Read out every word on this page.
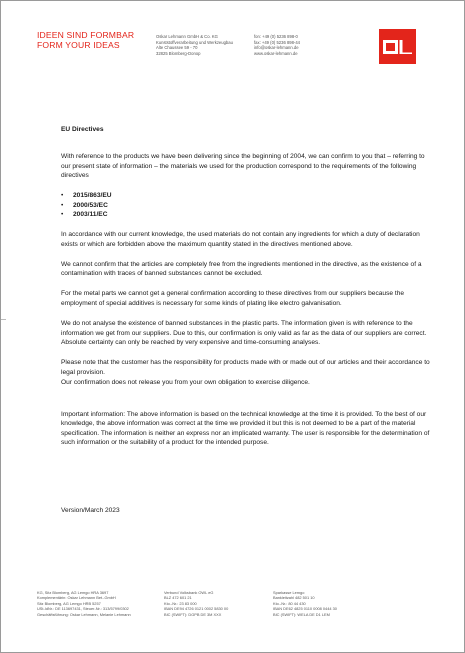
IDEEN SIND FORMBAR
FORM YOUR IDEAS
Oskar Lehmann GmbH & Co. KG
Kunststoffverarbeitung und Werkzeugbau
Alte Chaussee 59 - 70
32825 Blomberg-Donop
fon: +49 (0) 5236 898-0
fax: +49 (0) 5236 898-44
info@oskar-lehmann.de
www.oskar-lehmann.de
EU Directives

With reference to the products we have been delivering since the beginning of 2004, we can confirm to you that – referring to our present state of information – the materials we used for the production correspond to the requirements of the following directives

• 2015/863/EU
• 2000/53/EC
• 2003/11/EC

In accordance with our current knowledge, the used materials do not contain any ingredients for which a duty of declaration exists or which are forbidden above the maximum quantity stated in the directives mentioned above.

We cannot confirm that the articles are completely free from the ingredients mentioned in the directive, as the existence of a contamination with traces of banned substances cannot be excluded.

For the metal parts we cannot get a general confirmation according to these directives from our suppliers because the employment of special additives is necessary for some kinds of plating like electro galvanisation.

We do not analyse the existence of banned substances in the plastic parts. The information given is with reference to the information we get from our suppliers. Due to this, our confirmation is only valid as far as the data of our suppliers are correct.
Absolute certainty can only be reached by very expensive and time-consuming analyses.

Please note that the customer has the responsibility for products made with or made out of our articles and their accordance to legal provision.
Our confirmation does not release you from your own obligation to exercise diligence.

Important information: The above information is based on the technical knowledge at the time it is provided. To the best of our knowledge, the above information was correct at the time we provided it but this is not deemed to be a part of the material specification. The information is neither an express nor an implicated warranty. The user is responsible for the determination of such information or the suitability of a product for the intended purpose.

Version/March 2023
KG, Sitz Blomberg, AG Lemgo HRA 3697
Komplementärin: Oskar Lehmann Bet.-GmbH
Sitz Blomberg, AG Lemgo HRB 5257
USt-IdNr.: DE 113697431, Steuer-Nr.: 313/5799/0302
Geschäftsführung: Oskar Lehmann, Melanie Lehmann
Verbund Volksbank OWL eG
BLZ 472 601 21
Kto.-Nr.: 23 83 000
IBAN DE94 4726 0121 0002 5830 00
BIC (SWIFT): DGPB DE 3M XXX
Sparkasse Lemgo
Bankleitzahl 482 501 10
Kto.-Nr.: 80 44 430
IBAN DE62 4825 0110 0008 0444 30
BIC (SWIFT): WELA DE D1 LEM
